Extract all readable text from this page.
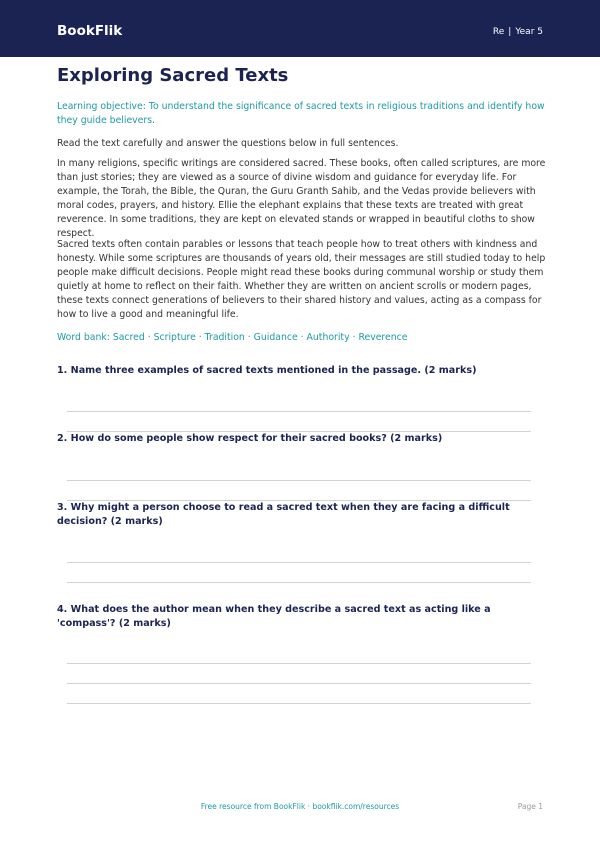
BookFlik	Re | Year 5
Exploring Sacred Texts
Learning objective: To understand the significance of sacred texts in religious traditions and identify how they guide believers.
Read the text carefully and answer the questions below in full sentences.
In many religions, specific writings are considered sacred. These books, often called scriptures, are more than just stories; they are viewed as a source of divine wisdom and guidance for everyday life. For example, the Torah, the Bible, the Quran, the Guru Granth Sahib, and the Vedas provide believers with moral codes, prayers, and history. Ellie the elephant explains that these texts are treated with great reverence. In some traditions, they are kept on elevated stands or wrapped in beautiful cloths to show respect.
Sacred texts often contain parables or lessons that teach people how to treat others with kindness and honesty. While some scriptures are thousands of years old, their messages are still studied today to help people make difficult decisions. People might read these books during communal worship or study them quietly at home to reflect on their faith. Whether they are written on ancient scrolls or modern pages, these texts connect generations of believers to their shared history and values, acting as a compass for how to live a good and meaningful life.
Word bank: Sacred · Scripture · Tradition · Guidance · Authority · Reverence
1. Name three examples of sacred texts mentioned in the passage. (2 marks)
2. How do some people show respect for their sacred books? (2 marks)
3. Why might a person choose to read a sacred text when they are facing a difficult decision? (2 marks)
4. What does the author mean when they describe a sacred text as acting like a 'compass'? (2 marks)
Free resource from BookFlik · bookflik.com/resources	Page 1
